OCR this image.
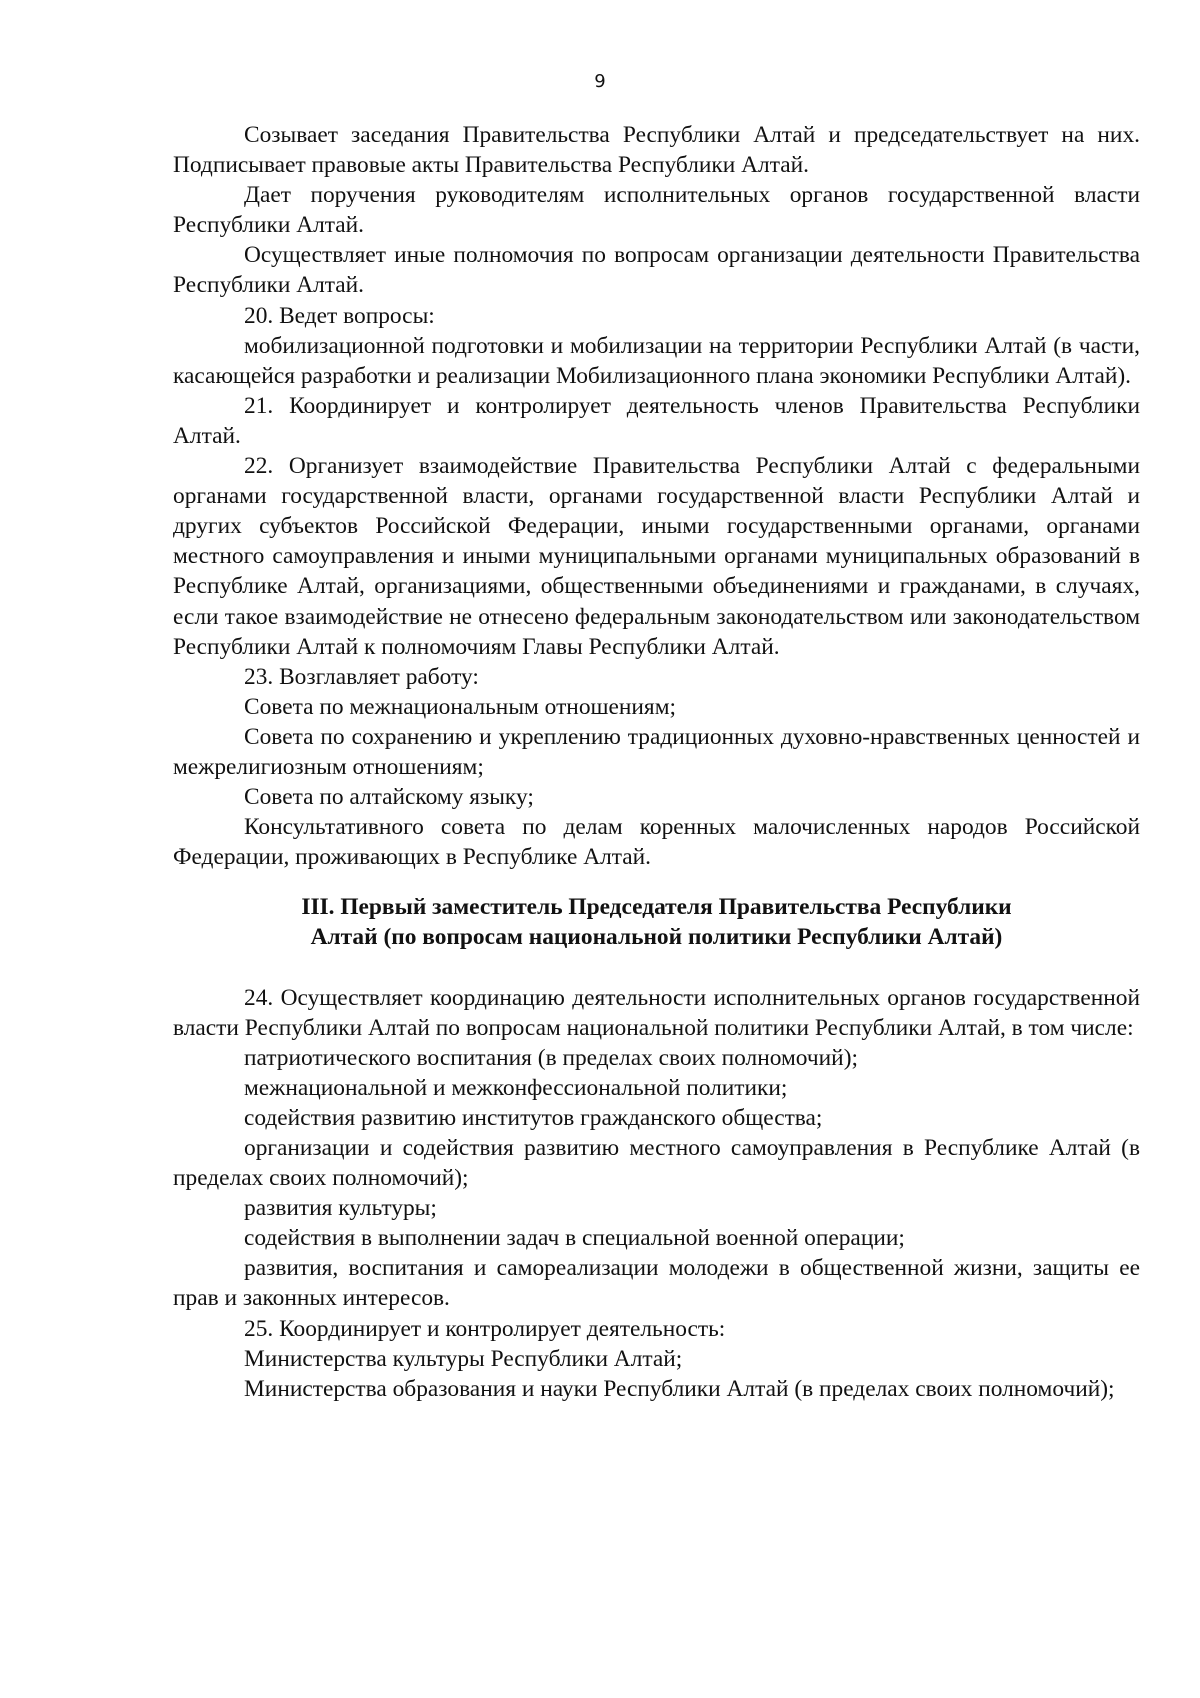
9

Созывает заседания Правительства Республики Алтай и председательствует на них. Подписывает правовые акты Правительства Республики Алтай.

Дает поручения руководителям исполнительных органов государственной власти Республики Алтай.

Осуществляет иные полномочия по вопросам организации деятельности Правительства Республики Алтай.

20. Ведет вопросы:

мобилизационной подготовки и мобилизации на территории Республики Алтай (в части, касающейся разработки и реализации Мобилизационного плана экономики Республики Алтай).

21. Координирует и контролирует деятельность членов Правительства Республики Алтай.

22. Организует взаимодействие Правительства Республики Алтай с федеральными органами государственной власти, органами государственной власти Республики Алтай и других субъектов Российской Федерации, иными государственными органами, органами местного самоуправления и иными муниципальными органами муниципальных образований в Республике Алтай, организациями, общественными объединениями и гражданами, в случаях, если такое взаимодействие не отнесено федеральным законодательством или законодательством Республики Алтай к полномочиям Главы Республики Алтай.

23. Возглавляет работу:

Совета по межнациональным отношениям;

Совета по сохранению и укреплению традиционных духовно-нравственных ценностей и межрелигиозным отношениям;

Совета по алтайскому языку;

Консультативного совета по делам коренных малочисленных народов Российской Федерации, проживающих в Республике Алтай.

III. Первый заместитель Председателя Правительства Республики
Алтай (по вопросам национальной политики Республики Алтай)

24. Осуществляет координацию деятельности исполнительных органов государственной власти Республики Алтай по вопросам национальной политики Республики Алтай, в том числе:

патриотического воспитания (в пределах своих полномочий);

межнациональной и межконфессиональной политики;

содействия развитию институтов гражданского общества;

организации и содействия развитию местного самоуправления в Республике Алтай (в пределах своих полномочий);

развития культуры;

содействия в выполнении задач в специальной военной операции;

развития, воспитания и самореализации молодежи в общественной жизни, защиты ее прав и законных интересов.

25. Координирует и контролирует деятельность:

Министерства культуры Республики Алтай;

Министерства образования и науки Республики Алтай (в пределах своих полномочий);
